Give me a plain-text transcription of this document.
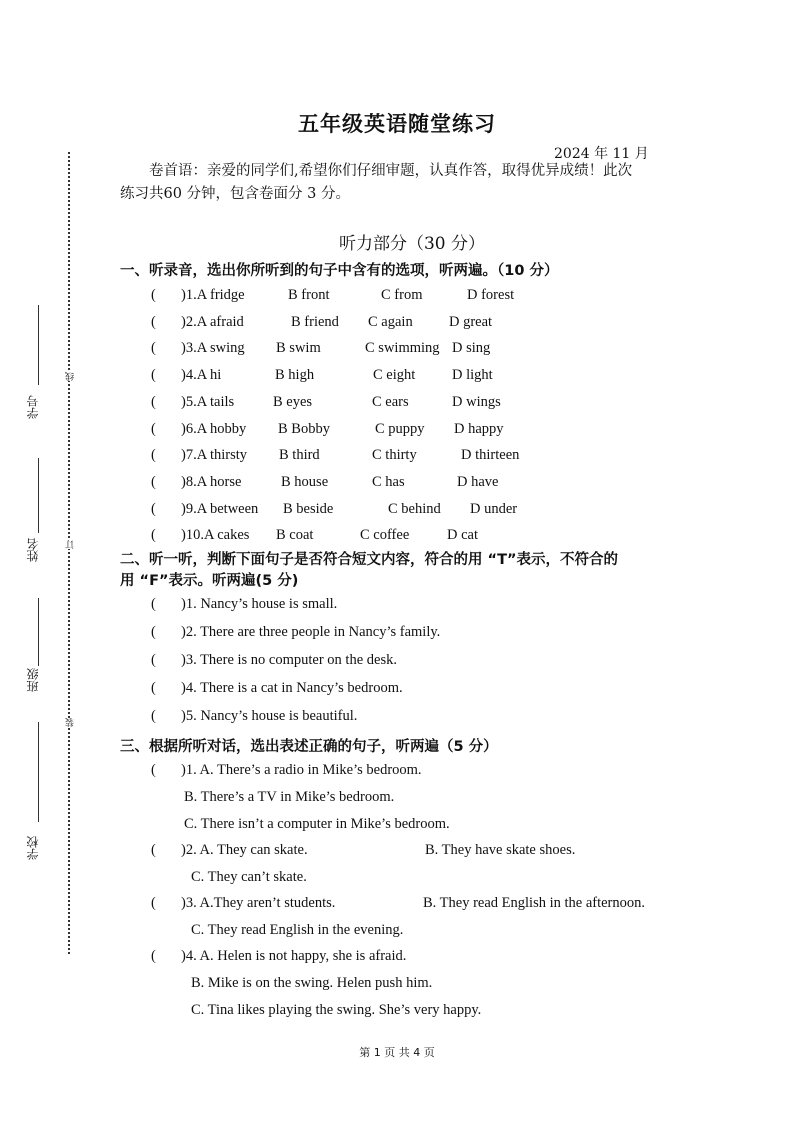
线
订
装
学号
姓名
班级
学校
五年级英语随堂练习
2024 年 11 月
卷首语：亲爱的同学们,希望你们仔细审题，认真作答，取得优异成绩！此次
练习共60 分钟，包含卷面分 3 分。
听力部分（30 分）
一、听录音，选出你所听到的句子中含有的选项，听两遍。（10 分）
( )1.A fridge	B front	C from	D forest
( )2.A afraid	B friend C again	D great
( )3.A swing B swim	C swimming D sing
( )4.A hi	B high	C eight	D light
( )5.A tails	B eyes	C ears	D wings
( )6.A hobby B Bobby	C puppy D happy
( )7.A thirsty B third	C thirty	D thirteen
( )8.A horse	B house	C has	D have
( )9.A between B beside	C behind D under
( )10.A cakes B coat	C coffee	D cat
二、听一听，判断下面句子是否符合短文内容，符合的用 “T”表示，不符合的
用 “F”表示。听两遍(5 分)
( )1. Nancy’s house is small.
( )2. There are three people in Nancy’s family.
( )3. There is no computer on the desk.
( )4. There is a cat in Nancy’s bedroom.
( )5. Nancy’s house is beautiful.
三、根据所听对话，选出表述正确的句子，听两遍（5 分）
( )1. A. There’s a radio in Mike’s bedroom.
B. There’s a TV in Mike’s bedroom.
C. There isn’t a computer in Mike’s bedroom.
( )2. A. They can skate.	B. They have skate shoes.
C. They can’t skate.
( )3. A.They aren’t students.	B. They read English in the afternoon.
C. They read English in the evening.
( )4. A. Helen is not happy, she is afraid.
B. Mike is on the swing. Helen push him.
C. Tina likes playing the swing. She’s very happy.
第 1 页 共 4 页
